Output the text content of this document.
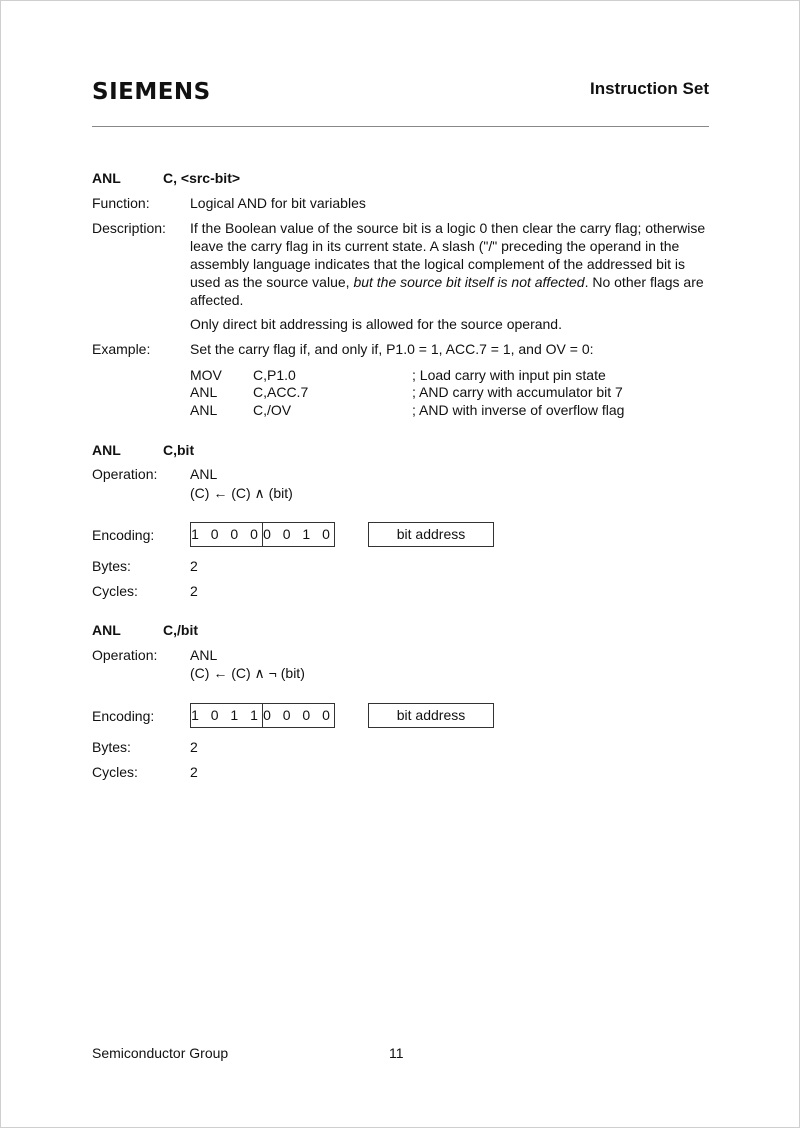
SIEMENS	Instruction Set
ANL	C, <src-bit>
Function:	Logical AND for bit variables
Description: If the Boolean value of the source bit is a logic 0 then clear the carry flag; otherwise leave the carry flag in its current state. A slash ("/" preceding the operand in the assembly language indicates that the logical complement of the addressed bit is used as the source value, but the source bit itself is not affected. No other flags are affected.
Only direct bit addressing is allowed for the source operand.
Example:	Set the carry flag if, and only if, P1.0 = 1, ACC.7 = 1, and OV = 0:
MOV C,P1.0	; Load carry with input pin state
ANL	C,ACC.7	; AND carry with accumulator bit 7
ANL	C,/OV	; AND with inverse of overflow flag
ANL	C,bit
Operation: ANL
(C) ← (C) ∧ (bit)
Encoding:	1 0 0 0 0 0 1 0	bit address
Bytes:	2
Cycles:	2
ANL	C,/bit
Operation: ANL
(C) ← (C) ∧ ¬ (bit)
Encoding:	1 0 1 1 0 0 0 0	bit address
Bytes:	2
Cycles:	2
Semiconductor Group	11
